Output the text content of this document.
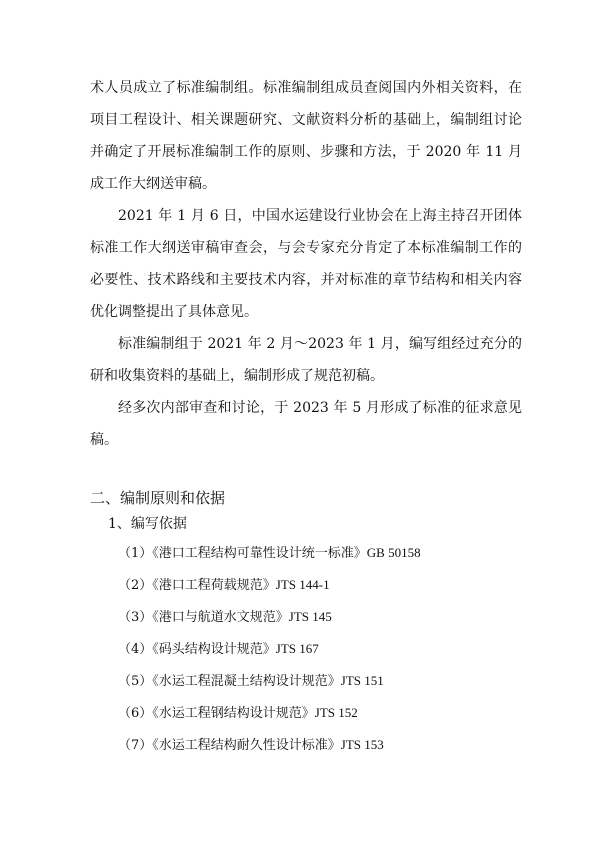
术人员成立了标准编制组。标准编制组成员查阅国内外相关资料，在
项目工程设计、相关课题研究、文献资料分析的基础上，编制组讨论
并确定了开展标准编制工作的原则、步骤和方法，于 2020 年 11 月
成工作大纲送审稿。
2021 年 1 月 6 日，中国水运建设行业协会在上海主持召开团体
标准工作大纲送审稿审查会，与会专家充分肯定了本标准编制工作的
必要性、技术路线和主要技术内容，并对标准的章节结构和相关内容
优化调整提出了具体意见。
标准编制组于 2021 年 2 月～2023 年 1 月，编写组经过充分的
研和收集资料的基础上，编制形成了规范初稿。
经多次内部审查和讨论，于 2023 年 5 月形成了标准的征求意见
稿。
二、编制原则和依据
1、编写依据
（1）《港口工程结构可靠性设计统一标准》GB 50158
（2）《港口工程荷载规范》JTS 144-1
（3）《港口与航道水文规范》JTS 145
（4）《码头结构设计规范》JTS 167
（5）《水运工程混凝土结构设计规范》JTS 151
（6）《水运工程钢结构设计规范》JTS 152
（7）《水运工程结构耐久性设计标准》JTS 153
